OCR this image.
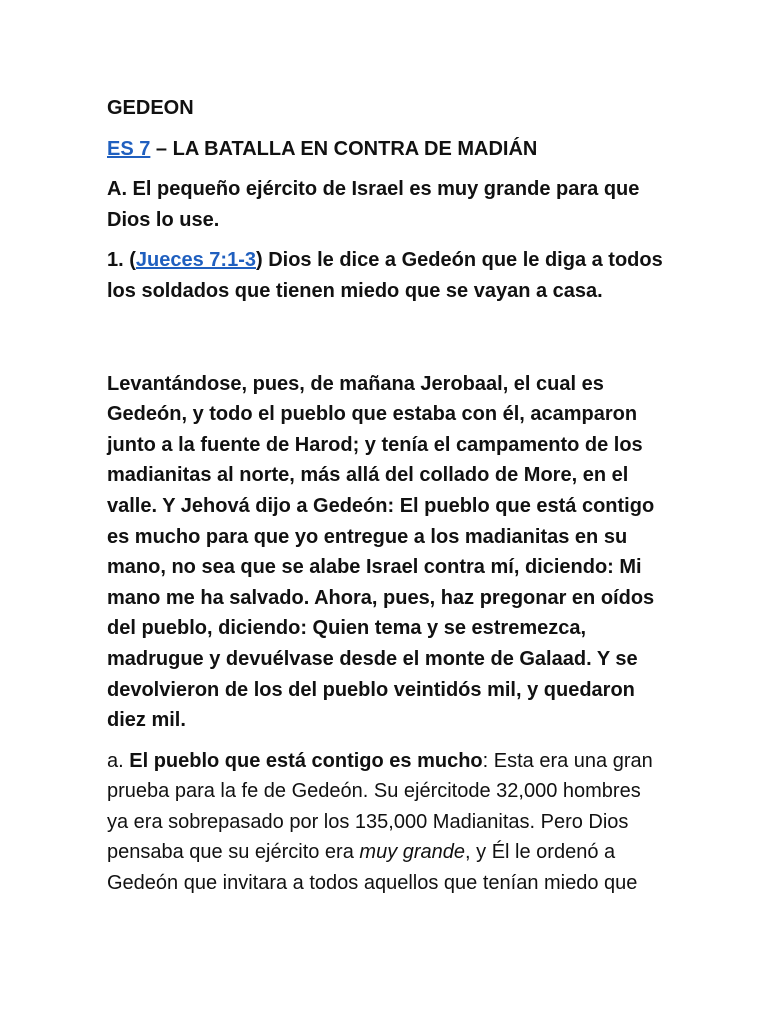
GEDEON

ES 7 – LA BATALLA EN CONTRA DE MADIÁN

A. El pequeño ejército de Israel es muy grande para que Dios lo use.

1. (Jueces 7:1-3) Dios le dice a Gedeón que le diga a todos los soldados que tienen miedo que se vayan a casa.

Levantándose, pues, de mañana Jerobaal, el cual es Gedeón, y todo el pueblo que estaba con él, acamparon junto a la fuente de Harod; y tenía el campamento de los madianitas al norte, más allá del collado de More, en el valle. Y Jehová dijo a Gedeón: El pueblo que está contigo es mucho para que yo entregue a los madianitas en su mano, no sea que se alabe Israel contra mí, diciendo: Mi mano me ha salvado. Ahora, pues, haz pregonar en oídos del pueblo, diciendo: Quien tema y se estremezca, madrugue y devuélvase desde el monte de Galaad. Y se devolvieron de los del pueblo veintidós mil, y quedaron diez mil.

a. El pueblo que está contigo es mucho: Esta era una gran prueba para la fe de Gedeón. Su ejércitode 32,000 hombres ya era sobrepasado por los 135,000 Madianitas. Pero Dios pensaba que su ejército era muy grande, y Él le ordenó a Gedeón que invitara a todos aquellos que tenían miedo que
